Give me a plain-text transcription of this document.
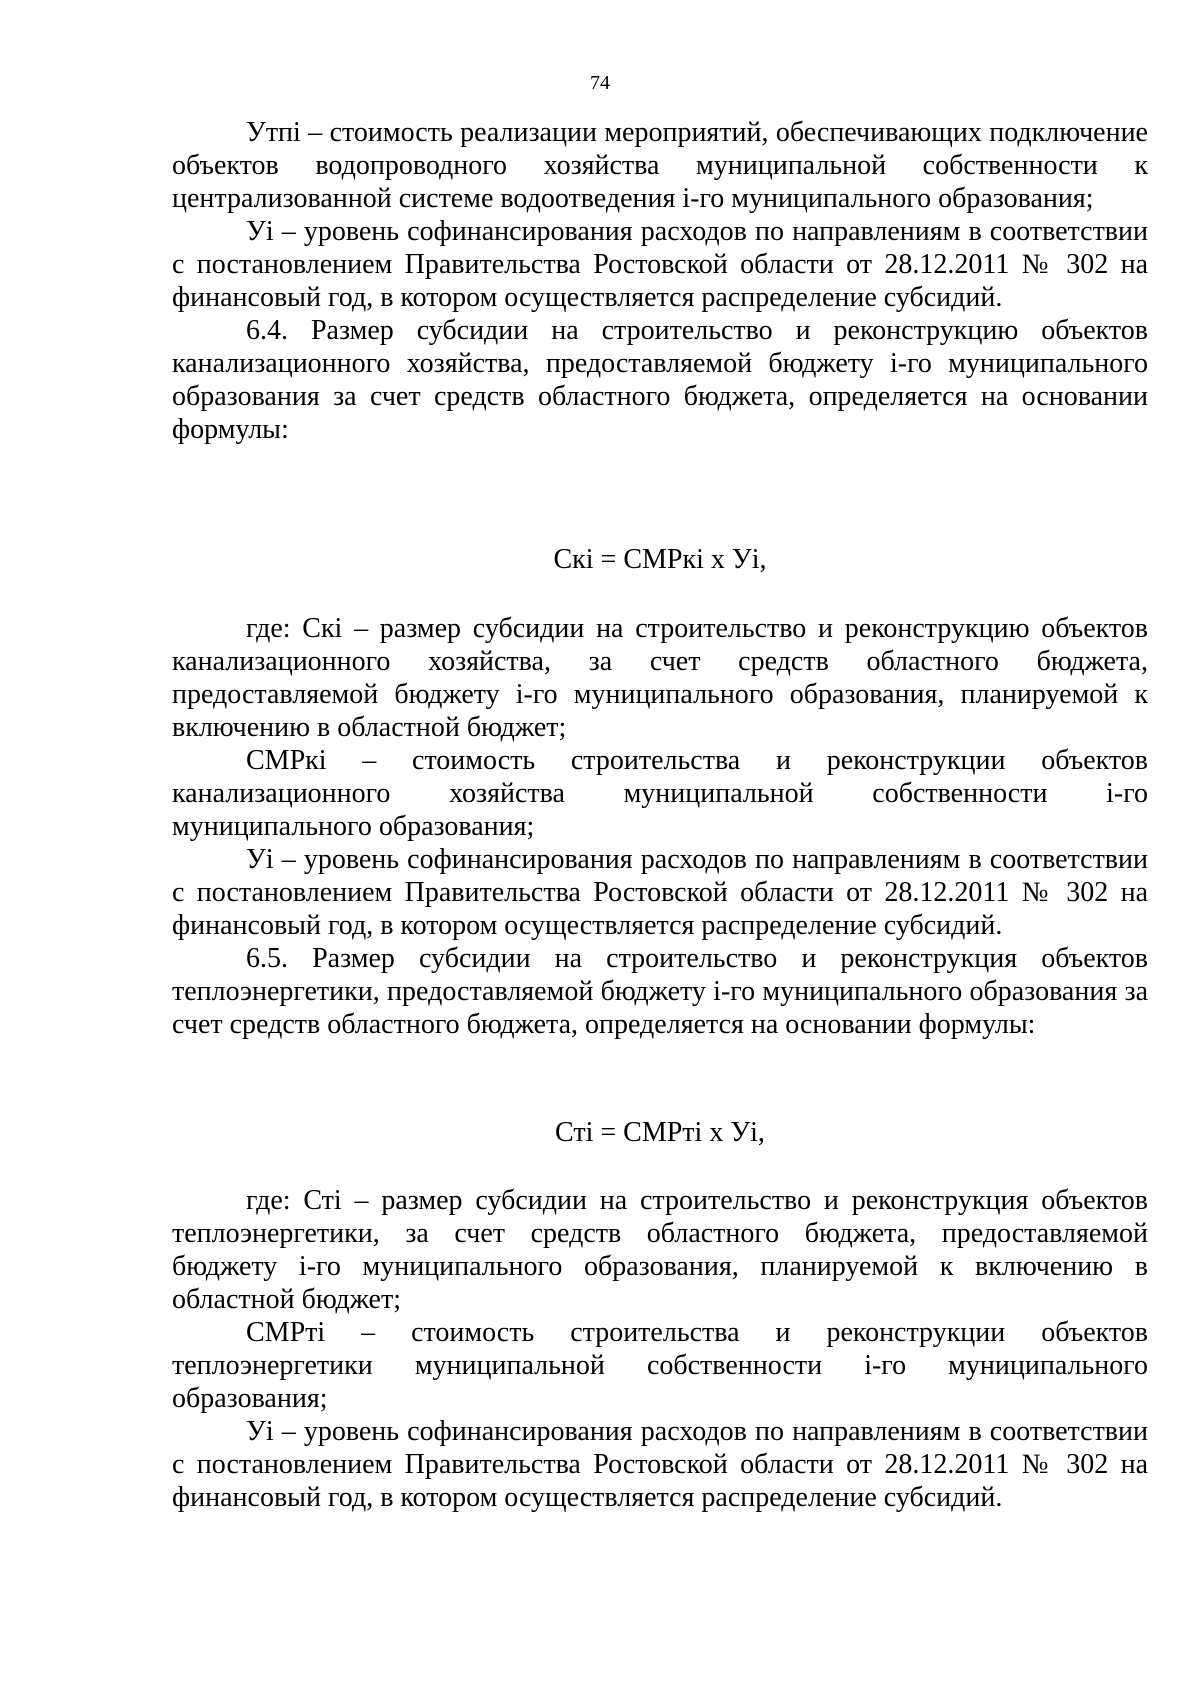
74

Утпi – стоимость реализации мероприятий, обеспечивающих подключение объектов водопроводного хозяйства муниципальной собственности к централизованной системе водоотведения i-го муниципального образования;

Уi – уровень софинансирования расходов по направлениям в соответствии с постановлением Правительства Ростовской области от 28.12.2011 № 302 на финансовый год, в котором осуществляется распределение субсидий.

6.4. Размер субсидии на строительство и реконструкцию объектов канализационного хозяйства, предоставляемой бюджету i-го муниципального образования за счет средств областного бюджета, определяется на основании формулы:

Скi = СМРкi х Уi,

где: Скi – размер субсидии на строительство и реконструкцию объектов канализационного хозяйства, за счет средств областного бюджета, предоставляемой бюджету i-го муниципального образования, планируемой к включению в областной бюджет;

СМРкi – стоимость строительства и реконструкции объектов канализационного хозяйства муниципальной собственности i-го муниципального образования;

Уi – уровень софинансирования расходов по направлениям в соответствии с постановлением Правительства Ростовской области от 28.12.2011 № 302 на финансовый год, в котором осуществляется распределение субсидий.

6.5. Размер субсидии на строительство и реконструкция объектов теплоэнергетики, предоставляемой бюджету i-го муниципального образования за счет средств областного бюджета, определяется на основании формулы:

Стi = СМРтi х Уi,

где: Стi – размер субсидии на строительство и реконструкция объектов теплоэнергетики, за счет средств областного бюджета, предоставляемой бюджету i-го муниципального образования, планируемой к включению в областной бюджет;

СМРтi – стоимость строительства и реконструкции объектов теплоэнергетики муниципальной собственности i-го муниципального образования;

Уi – уровень софинансирования расходов по направлениям в соответствии с постановлением Правительства Ростовской области от 28.12.2011 № 302 на финансовый год, в котором осуществляется распределение субсидий.
